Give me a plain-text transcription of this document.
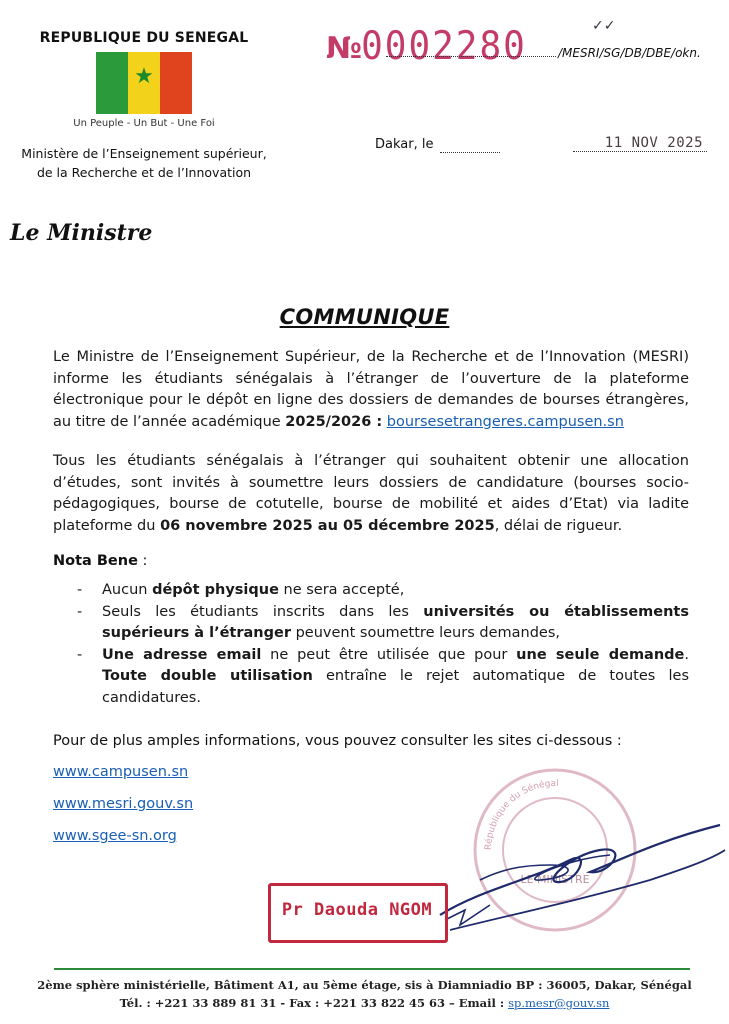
REPUBLIQUE DU SENEGAL
★
Un Peuple - Un But - Une Foi
Ministère de l’Enseignement supérieur,
de la Recherche et de l’Innovation
✓✓
№ 0002280	/MESRI/SG/DB/DBE/okn.
Dakar, le	11 NOV 2025
Le Ministre
COMMUNIQUE
Le Ministre de l’Enseignement Supérieur, de la Recherche et de l’Innovation (MESRI) informe les étudiants sénégalais à l’étranger de l’ouverture de la plateforme électronique pour le dépôt en ligne des dossiers de demandes de bourses étrangères, au titre de l’année académique 2025/2026 : boursesetrangeres.campusen.sn
Tous les étudiants sénégalais à l’étranger qui souhaitent obtenir une allocation d’études, sont invités à soumettre leurs dossiers de candidature (bourses socio-pédagogiques, bourse de cotutelle, bourse de mobilité et aides d’Etat) via ladite plateforme du 06 novembre 2025 au 05 décembre 2025, délai de rigueur.
Nota Bene :
- Aucun dépôt physique ne sera accepté,
- Seuls les étudiants inscrits dans les universités ou établissements supérieurs à l’étranger peuvent soumettre leurs demandes,
- Une adresse email ne peut être utilisée que pour une seule demande. Toute double utilisation entraîne le rejet automatique de toutes les candidatures.
Pour de plus amples informations, vous pouvez consulter les sites ci-dessous :
www.campusen.sn
www.mesri.gouv.sn
www.sgee-sn.org
République du Sénégal
LE MINISTRE
Pr Daouda NGOM
2ème sphère ministérielle, Bâtiment A1, au 5ème étage, sis à Diamniadio BP : 36005, Dakar, Sénégal
Tél. : +221 33 889 81 31 - Fax : +221 33 822 45 63 – Email : sp.mesr@gouv.sn
